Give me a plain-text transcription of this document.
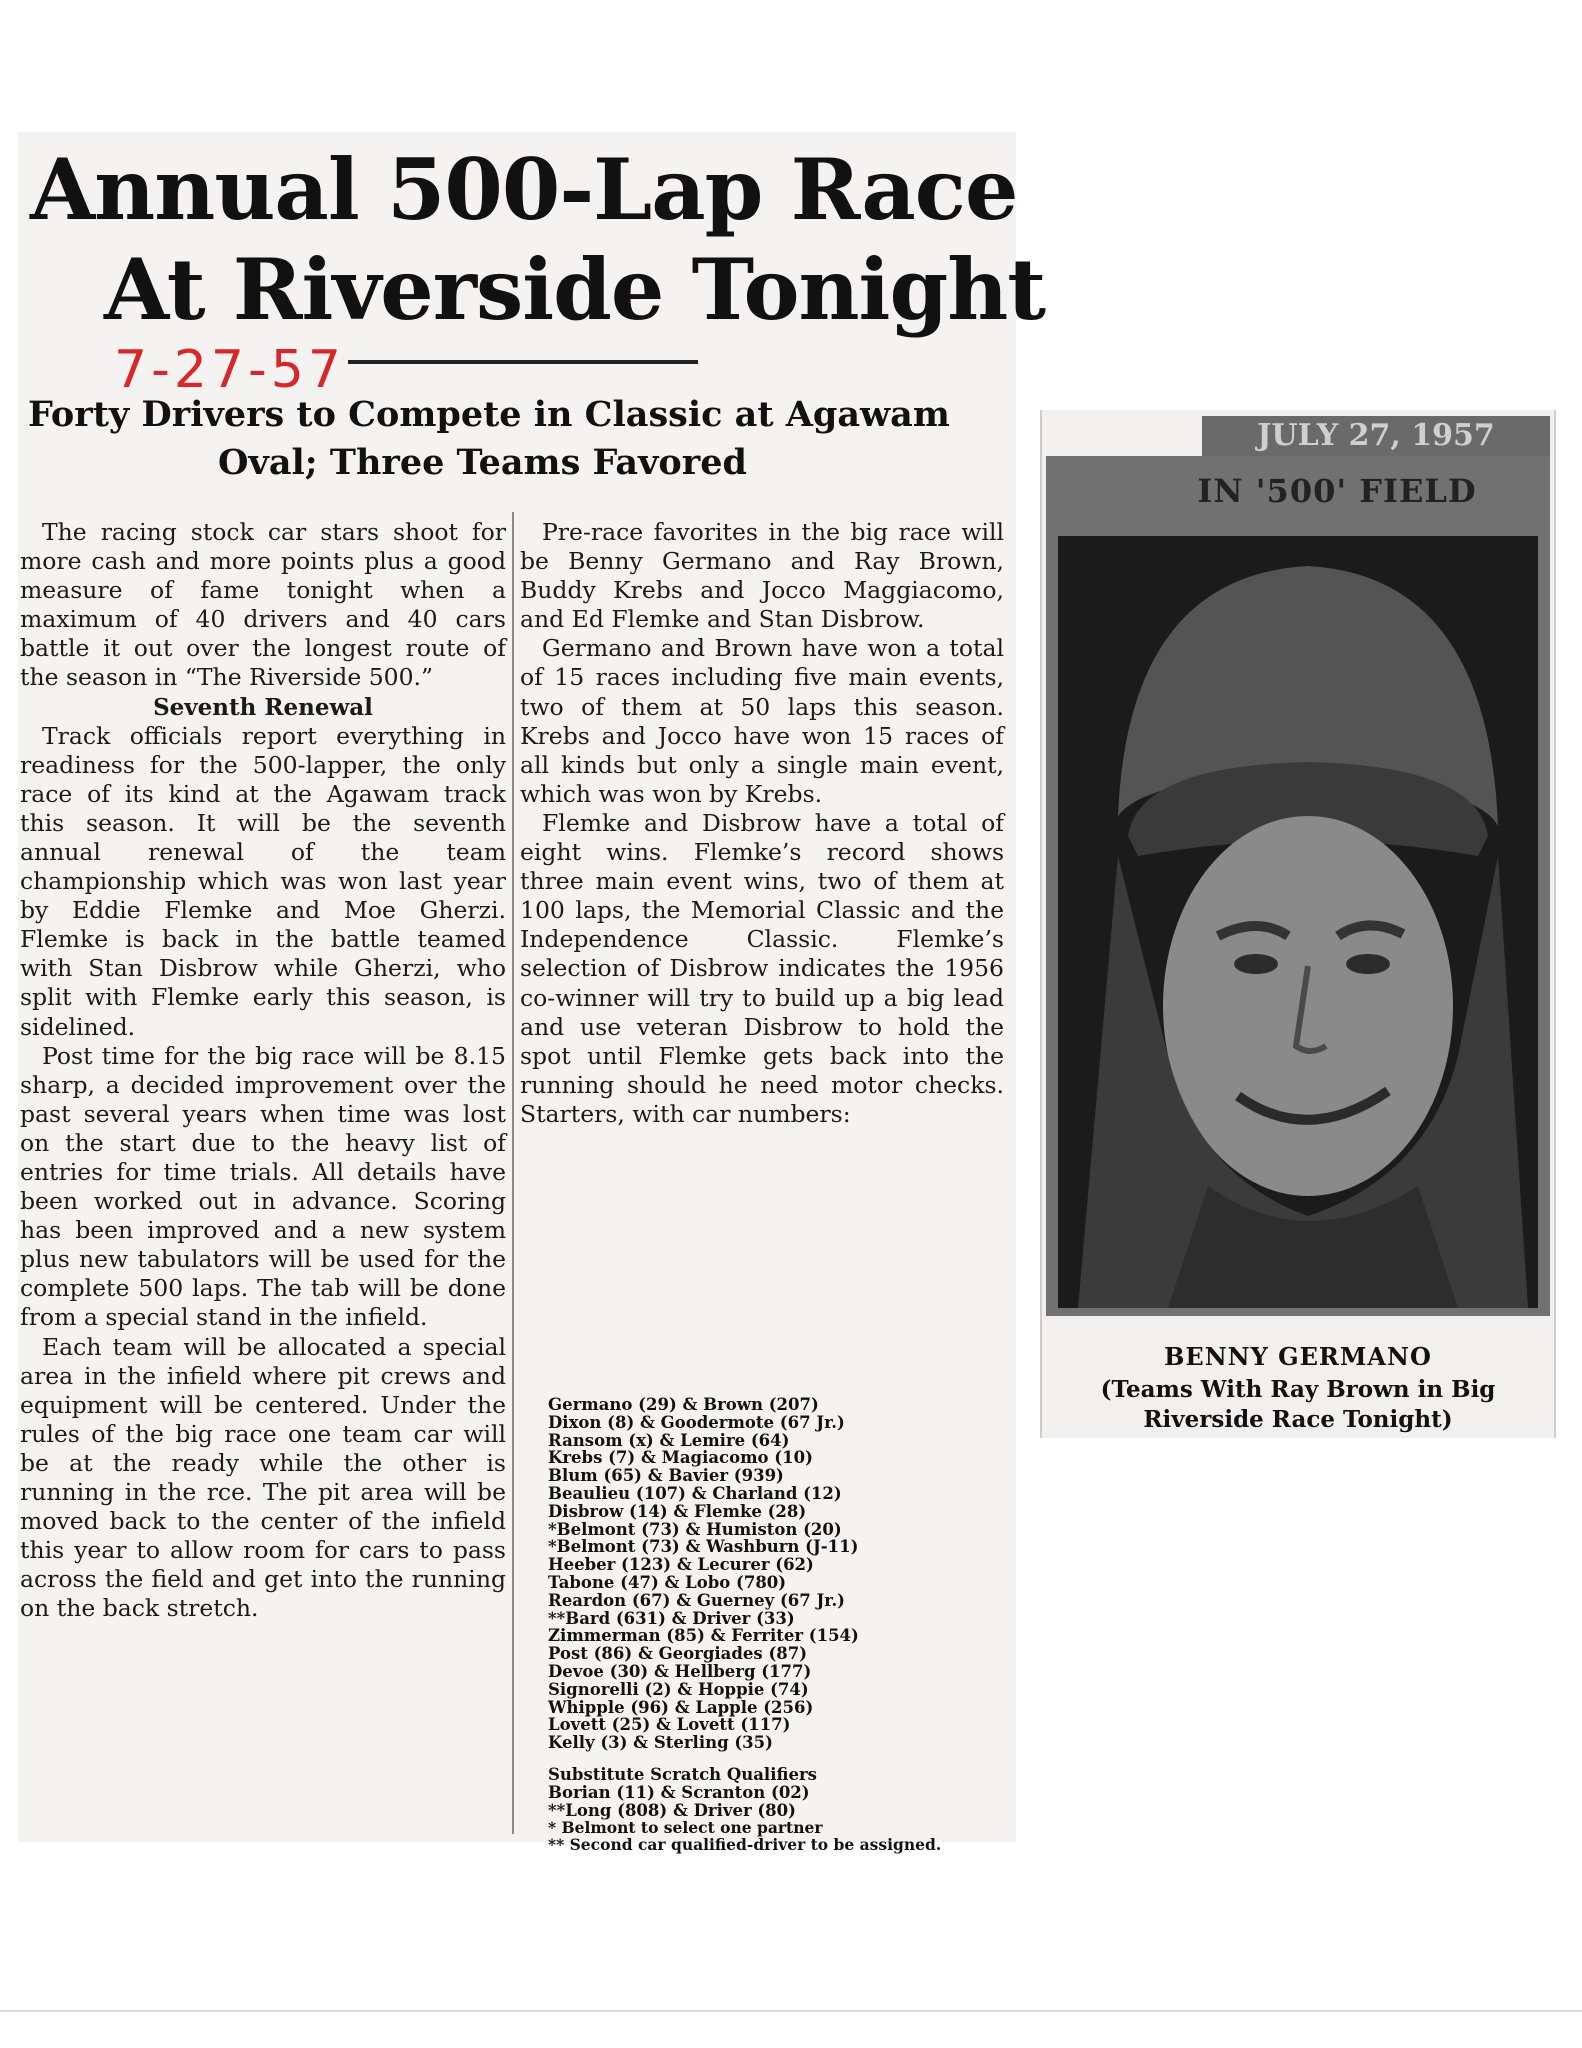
Annual 500-Lap Race
At Riverside Tonight
7-27-57
Forty Drivers to Compete in Classic at Agawam
Oval; Three Teams Favored

The racing stock car stars shoot for more cash and more points plus a good measure of fame tonight when a maximum of 40 drivers and 40 cars battle it out over the longest route of the season in “The Riverside 500.”

Seventh Renewal

Track officials report everything in readiness for the 500-lapper, the only race of its kind at the Agawam track this season. It will be the seventh annual renewal of the team championship which was won last year by Eddie Flemke and Moe Gherzi. Flemke is back in the battle teamed with Stan Disbrow while Gherzi, who split with Flemke early this season, is sidelined.

Post time for the big race will be 8.15 sharp, a decided improvement over the past several years when time was lost on the start due to the heavy list of entries for time trials. All details have been worked out in advance. Scoring has been improved and a new system plus new tabulators will be used for the complete 500 laps. The tab will be done from a special stand in the infield.

Each team will be allocated a special area in the infield where pit crews and equipment will be centered. Under the rules of the big race one team car will be at the ready while the other is running in the rce. The pit area will be moved back to the center of the infield this year to allow room for cars to pass across the field and get into the running on the back stretch.

Pre-race favorites in the big race will be Benny Germano and Ray Brown, Buddy Krebs and Jocco Maggiacomo, and Ed Flemke and Stan Disbrow.

Germano and Brown have won a total of 15 races including five main events, two of them at 50 laps this season. Krebs and Jocco have won 15 races of all kinds but only a single main event, which was won by Krebs.

Flemke and Disbrow have a total of eight wins. Flemke’s record shows three main event wins, two of them at 100 laps, the Memorial Classic and the Independence Classic. Flemke’s selection of Disbrow indicates the 1956 co-winner will try to build up a big lead and use veteran Disbrow to hold the spot until Flemke gets back into the running should he need motor checks. Starters, with car numbers:

Germano (29) & Brown (207)
Dixon (8) & Goodermote (67 Jr.)
Ransom (x) & Lemire (64)
Krebs (7) & Magiacomo (10)
Blum (65) & Bavier (939)
Beaulieu (107) & Charland (12)
Disbrow (14) & Flemke (28)
*Belmont (73) & Humiston (20)
*Belmont (73) & Washburn (J-11)
Heeber (123) & Lecurer (62)
Tabone (47) & Lobo (780)
Reardon (67) & Guerney (67 Jr.)
**Bard (631) & Driver (33)
Zimmerman (85) & Ferriter (154)
Post (86) & Georgiades (87)
Devoe (30) & Hellberg (177)
Signorelli (2) & Hoppie (74)
Whipple (96) & Lapple (256)
Lovett (25) & Lovett (117)
Kelly (3) & Sterling (35)
Substitute Scratch Qualifiers
Borian (11) & Scranton (02)
**Long (808) & Driver (80)
* Belmont to select one partner
** Second car qualified-driver to be assigned.
JULY 27, 1957
IN '500' FIELD
BENNY GERMANO
(Teams With Ray Brown in Big
Riverside Race Tonight)
